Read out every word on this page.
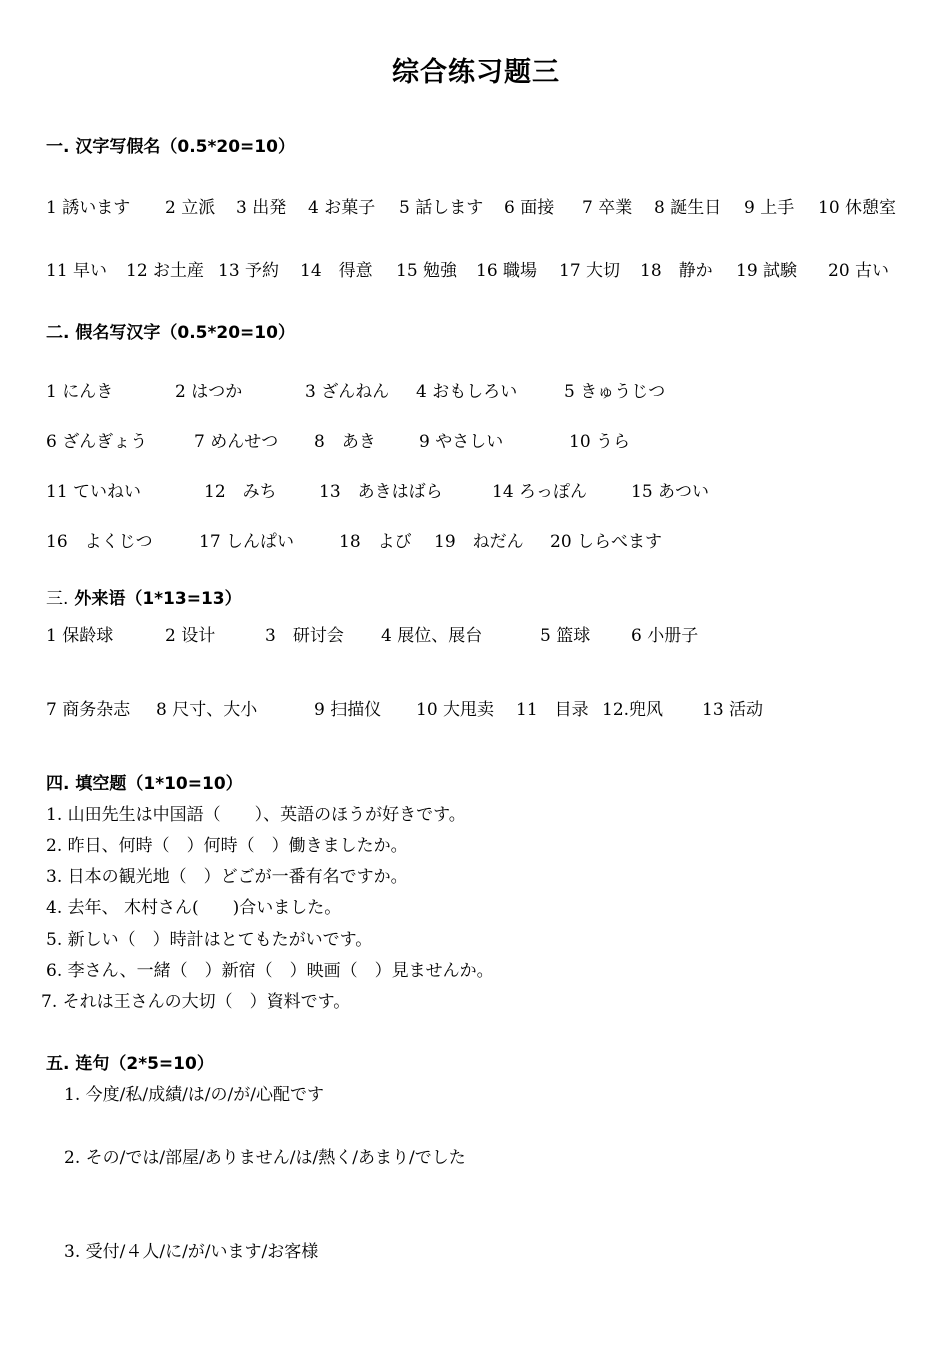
综合练习题三
一. 汉字写假名（0.5*20=10）
1 誘います 2 立派 3 出発 4 お菓子 5 話します 6 面接 7 卒業 8 誕生日 9 上手 10 休憩室
11 早い 12 お土産 13 予約 14　得意 15 勉強 16 職場 17 大切 18　静か 19 試験 20 古い
二. 假名写汉字（0.5*20=10）
1 にんき	2 はつか	3 ざんねん 4 おもしろい	5 きゅうじつ
6 ざんぎょう	7 めんせつ 8　あき	9 やさしい	10 うら
11 ていねい	12　みち 13　あきはばら	14 ろっぽん	15 あつい
16　よくじつ	17 しんぱい	18　よび 19　ねだん 20 しらべます
三. 外来语（1*13=13）
1 保龄球	2 设计	3　研讨会 4 展位、展台	5 篮球 6 小册子
7 商务杂志 8 尺寸、大小	9 扫描仪 10 大甩卖 11　目录 12.兜风 13 活动
四. 填空题（1*10=10）
1. 山田先生は中国語（　　）、英語のほうが好きです。
2. 昨日、何時（　）何時（　）働きましたか。
3. 日本の観光地（　）どごが一番有名ですか。
4. 去年、 木村さん(　　)合いました。
5. 新しい（　）時計はとてもたがいです。
6. 李さん、一緒（　）新宿（　）映画（　）見ませんか。
7. それは王さんの大切（　）資料です。
五. 连句（2*5=10）
1. 今度/私/成績/は/の/が/心配です
2. その/では/部屋/ありません/は/熱く/あまり/でした
3. 受付/４人/に/が/います/お客様
